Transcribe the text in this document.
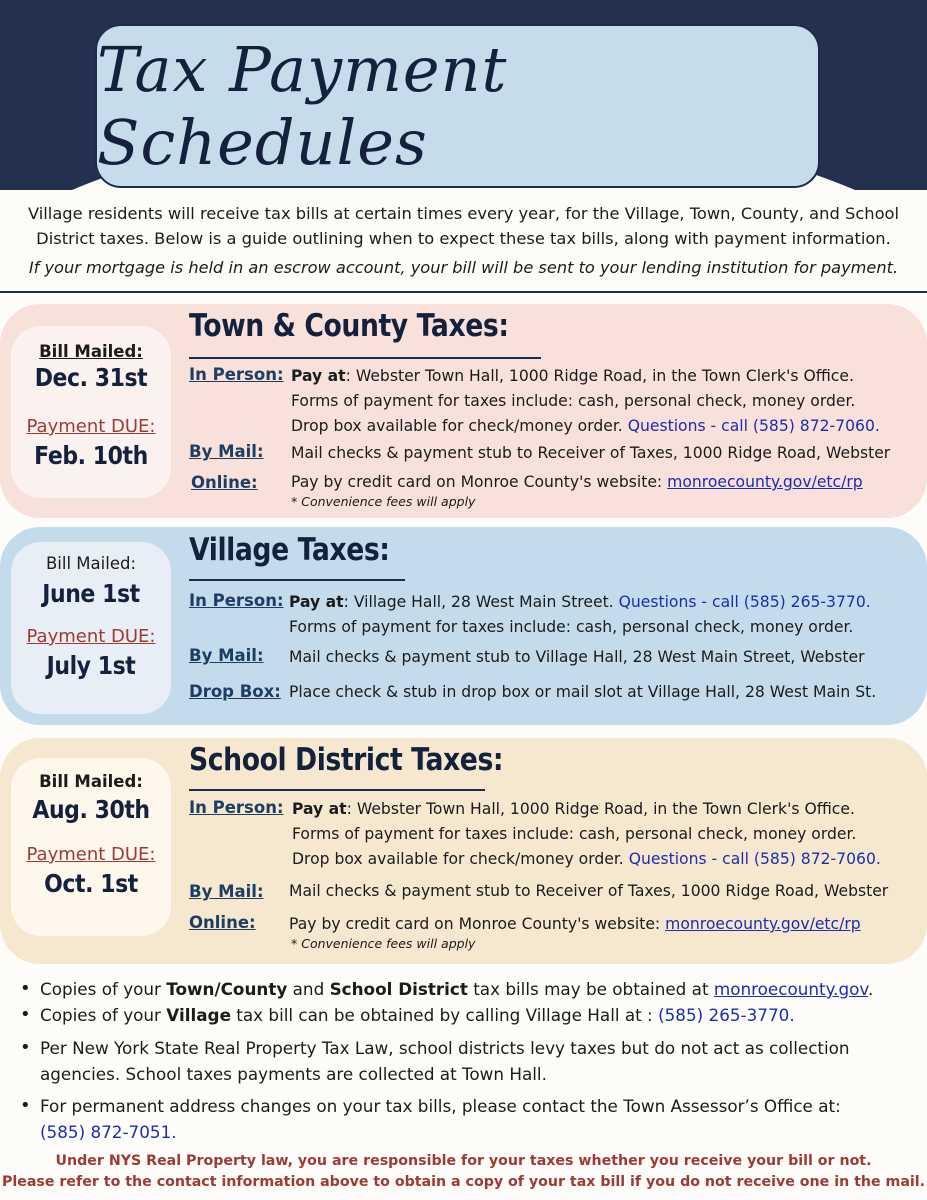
Tax Payment Schedules
Village residents will receive tax bills at certain times every year, for the Village, Town, County, and School
District taxes. Below is a guide outlining when to expect these tax bills, along with payment information.
If your mortgage is held in an escrow account, your bill will be sent to your lending institution for payment.
Bill Mailed:
Dec. 31st
Payment DUE:
Feb. 10th
Town & County Taxes:
In Person: Pay at: Webster Town Hall, 1000 Ridge Road, in the Town Clerk's Office.
Forms of payment for taxes include: cash, personal check, money order.
Drop box available for check/money order. Questions - call (585) 872-7060.
By Mail: Mail checks & payment stub to Receiver of Taxes, 1000 Ridge Road, Webster
Online: Pay by credit card on Monroe County's website: monroecounty.gov/etc/rp
* Convenience fees will apply
Bill Mailed:
June 1st
Payment DUE:
July 1st
Village Taxes:
In Person: Pay at: Village Hall, 28 West Main Street. Questions - call (585) 265-3770.
Forms of payment for taxes include: cash, personal check, money order.
By Mail: Mail checks & payment stub to Village Hall, 28 West Main Street, Webster
Drop Box: Place check & stub in drop box or mail slot at Village Hall, 28 West Main St.
Bill Mailed:
Aug. 30th
Payment DUE:
Oct. 1st
School District Taxes:
In Person: Pay at: Webster Town Hall, 1000 Ridge Road, in the Town Clerk's Office.
Forms of payment for taxes include: cash, personal check, money order.
Drop box available for check/money order. Questions - call (585) 872-7060.
By Mail: Mail checks & payment stub to Receiver of Taxes, 1000 Ridge Road, Webster
Online: Pay by credit card on Monroe County's website: monroecounty.gov/etc/rp
* Convenience fees will apply
• Copies of your Town/County and School District tax bills may be obtained at monroecounty.gov.
• Copies of your Village tax bill can be obtained by calling Village Hall at : (585) 265-3770.
• Per New York State Real Property Tax Law, school districts levy taxes but do not act as collection
agencies. School taxes payments are collected at Town Hall.
• For permanent address changes on your tax bills, please contact the Town Assessor’s Office at:
(585) 872-7051.
Under NYS Real Property law, you are responsible for your taxes whether you receive your bill or not.
Please refer to the contact information above to obtain a copy of your tax bill if you do not receive one in the mail.
